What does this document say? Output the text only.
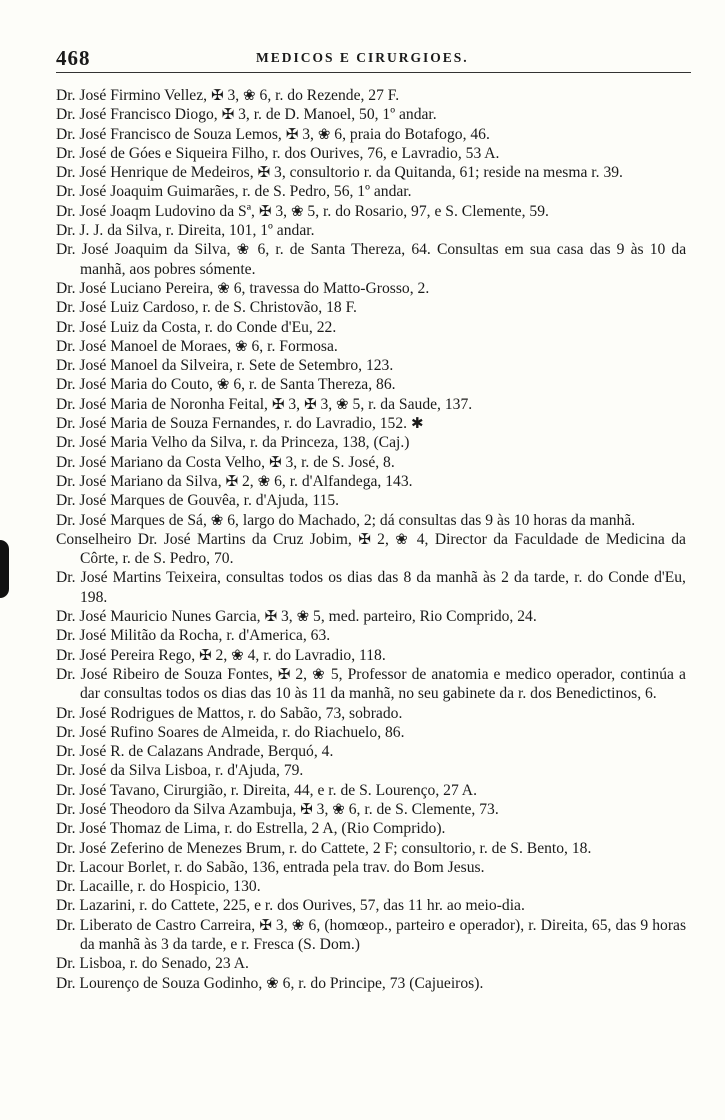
468	MEDICOS E CIRURGIOES.

Dr. José Firmino Vellez, ✠ 3, ❀ 6, r. do Rezende, 27 F.

Dr. José Francisco Diogo, ✠ 3, r. de D. Manoel, 50, 1º andar.

Dr. José Francisco de Souza Lemos, ✠ 3, ❀ 6, praia do Botafogo, 46.

Dr. José de Góes e Siqueira Filho, r. dos Ourives, 76, e Lavradio, 53 A.

Dr. José Henrique de Medeiros, ✠ 3, consultorio r. da Quitanda, 61; reside na mesma r. 39.

Dr. José Joaquim Guimarães, r. de S. Pedro, 56, 1º andar.

Dr. José Joaqm Ludovino da Sª, ✠ 3, ❀ 5, r. do Rosario, 97, e S. Clemente, 59.

Dr. J. J. da Silva, r. Direita, 101, 1º andar.

Dr. José Joaquim da Silva, ❀ 6, r. de Santa Thereza, 64. Consultas em sua casa das 9 às 10 da manhã, aos pobres sómente.

Dr. José Luciano Pereira, ❀ 6, travessa do Matto-Grosso, 2.

Dr. José Luiz Cardoso, r. de S. Christovão, 18 F.

Dr. José Luiz da Costa, r. do Conde d'Eu, 22.

Dr. José Manoel de Moraes, ❀ 6, r. Formosa.

Dr. José Manoel da Silveira, r. Sete de Setembro, 123.

Dr. José Maria do Couto, ❀ 6, r. de Santa Thereza, 86.

Dr. José Maria de Noronha Feital, ✠ 3, ✠ 3, ❀ 5, r. da Saude, 137.

Dr. José Maria de Souza Fernandes, r. do Lavradio, 152. ✱

Dr. José Maria Velho da Silva, r. da Princeza, 138, (Caj.)

Dr. José Mariano da Costa Velho, ✠ 3, r. de S. José, 8.

Dr. José Mariano da Silva, ✠ 2, ❀ 6, r. d'Alfandega, 143.

Dr. José Marques de Gouvêa, r. d'Ajuda, 115.

Dr. José Marques de Sá, ❀ 6, largo do Machado, 2; dá consultas das 9 às 10 horas da manhã.

Conselheiro Dr. José Martins da Cruz Jobim, ✠ 2, ❀ 4, Director da Faculdade de Medicina da Côrte, r. de S. Pedro, 70.

Dr. José Martins Teixeira, consultas todos os dias das 8 da manhã às 2 da tarde, r. do Conde d'Eu, 198.

Dr. José Mauricio Nunes Garcia, ✠ 3, ❀ 5, med. parteiro, Rio Comprido, 24.

Dr. José Militão da Rocha, r. d'America, 63.

Dr. José Pereira Rego, ✠ 2, ❀ 4, r. do Lavradio, 118.

Dr. José Ribeiro de Souza Fontes, ✠ 2, ❀ 5, Professor de anatomia e medico operador, continúa a dar consultas todos os dias das 10 às 11 da manhã, no seu gabinete da r. dos Benedictinos, 6.

Dr. José Rodrigues de Mattos, r. do Sabão, 73, sobrado.

Dr. José Rufino Soares de Almeida, r. do Riachuelo, 86.

Dr. José R. de Calazans Andrade, Berquó, 4.

Dr. José da Silva Lisboa, r. d'Ajuda, 79.

Dr. José Tavano, Cirurgião, r. Direita, 44, e r. de S. Lourenço, 27 A.

Dr. José Theodoro da Silva Azambuja, ✠ 3, ❀ 6, r. de S. Clemente, 73.

Dr. José Thomaz de Lima, r. do Estrella, 2 A, (Rio Comprido).

Dr. José Zeferino de Menezes Brum, r. do Cattete, 2 F; consultorio, r. de S. Bento, 18.

Dr. Lacour Borlet, r. do Sabão, 136, entrada pela trav. do Bom Jesus.

Dr. Lacaille, r. do Hospicio, 130.

Dr. Lazarini, r. do Cattete, 225, e r. dos Ourives, 57, das 11 hr. ao meio-dia.

Dr. Liberato de Castro Carreira, ✠ 3, ❀ 6, (homœop., parteiro e operador), r. Direita, 65, das 9 horas da manhã às 3 da tarde, e r. Fresca (S. Dom.)

Dr. Lisboa, r. do Senado, 23 A.

Dr. Lourenço de Souza Godinho, ❀ 6, r. do Principe, 73 (Cajueiros).
